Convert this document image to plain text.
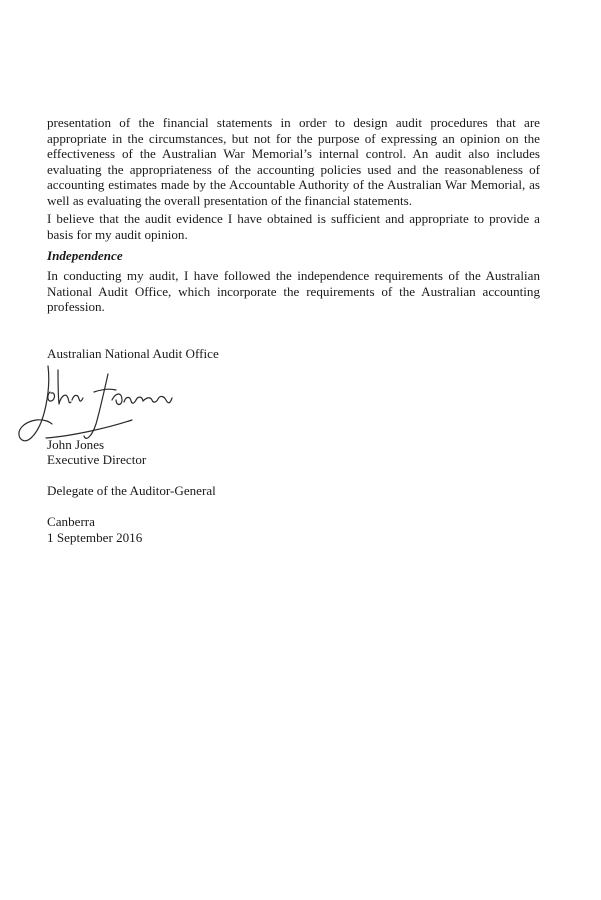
presentation of the financial statements in order to design audit procedures that are appropriate in the circumstances, but not for the purpose of expressing an opinion on the effectiveness of the Australian War Memorial’s internal control. An audit also includes evaluating the appropriateness of the accounting policies used and the reasonableness of accounting estimates made by the Accountable Authority of the Australian War Memorial, as well as evaluating the overall presentation of the financial statements.

I believe that the audit evidence I have obtained is sufficient and appropriate to provide a basis for my audit opinion.

Independence

In conducting my audit, I have followed the independence requirements of the Australian National Audit Office, which incorporate the requirements of the Australian accounting profession.

Australian National Audit Office

John Jones

Executive Director

Delegate of the Auditor-General

Canberra

1 September 2016
